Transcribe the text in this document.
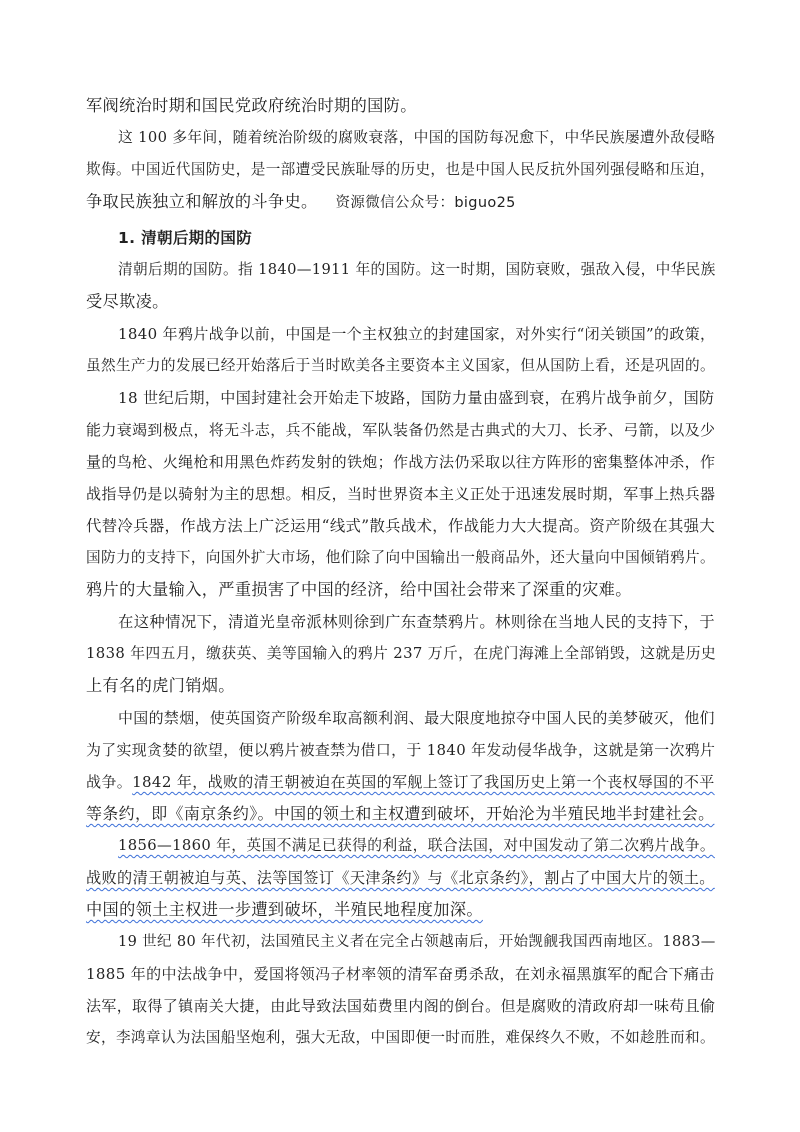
军阀统治时期和国民党政府统治时期的国防。
这 100 多年间，随着统治阶级的腐败衰落，中国的国防每况愈下，中华民族屡遭外敌侵略
欺侮。中国近代国防史，是一部遭受民族耻辱的历史，也是中国人民反抗外国列强侵略和压迫，
争取民族独立和解放的斗争史。 资源微信公众号：biguo25
1. 清朝后期的国防
清朝后期的国防。指 1840—1911 年的国防。这一时期，国防衰败，强敌入侵，中华民族
受尽欺凌。
1840 年鸦片战争以前，中国是一个主权独立的封建国家，对外实行“闭关锁国”的政策，
虽然生产力的发展已经开始落后于当时欧美各主要资本主义国家，但从国防上看，还是巩固的。
18 世纪后期，中国封建社会开始走下坡路，国防力量由盛到衰，在鸦片战争前夕，国防
能力衰竭到极点，将无斗志，兵不能战，军队装备仍然是古典式的大刀、长矛、弓箭，以及少
量的鸟枪、火绳枪和用黑色炸药发射的铁炮；作战方法仍采取以往方阵形的密集整体冲杀，作
战指导仍是以骑射为主的思想。相反，当时世界资本主义正处于迅速发展时期，军事上热兵器
代替冷兵器，作战方法上广泛运用“线式”散兵战术，作战能力大大提高。资产阶级在其强大
国防力的支持下，向国外扩大市场，他们除了向中国输出一般商品外，还大量向中国倾销鸦片。
鸦片的大量输入，严重损害了中国的经济，给中国社会带来了深重的灾难。
在这种情况下，清道光皇帝派林则徐到广东查禁鸦片。林则徐在当地人民的支持下，于
1838 年四五月，缴获英、美等国输入的鸦片 237 万斤，在虎门海滩上全部销毁，这就是历史
上有名的虎门销烟。
中国的禁烟，使英国资产阶级牟取高额利润、最大限度地掠夺中国人民的美梦破灭，他们
为了实现贪婪的欲望，便以鸦片被查禁为借口，于 1840 年发动侵华战争，这就是第一次鸦片
战争。1842 年，战败的清王朝被迫在英国的军舰上签订了我国历史上第一个丧权辱国的不平
等条约，即《南京条约》。中国的领土和主权遭到破坏，开始沦为半殖民地半封建社会。
1856—1860 年，英国不满足已获得的利益，联合法国，对中国发动了第二次鸦片战争。
战败的清王朝被迫与英、法等国签订《天津条约》与《北京条约》，割占了中国大片的领土。
中国的领土主权进一步遭到破坏，半殖民地程度加深。
19 世纪 80 年代初，法国殖民主义者在完全占领越南后，开始觊觎我国西南地区。1883—
1885 年的中法战争中，爱国将领冯子材率领的清军奋勇杀敌，在刘永福黑旗军的配合下痛击
法军，取得了镇南关大捷，由此导致法国茹费里内阁的倒台。但是腐败的清政府却一味苟且偷
安，李鸿章认为法国船坚炮利，强大无敌，中国即便一时而胜，难保终久不败，不如趁胜而和。
